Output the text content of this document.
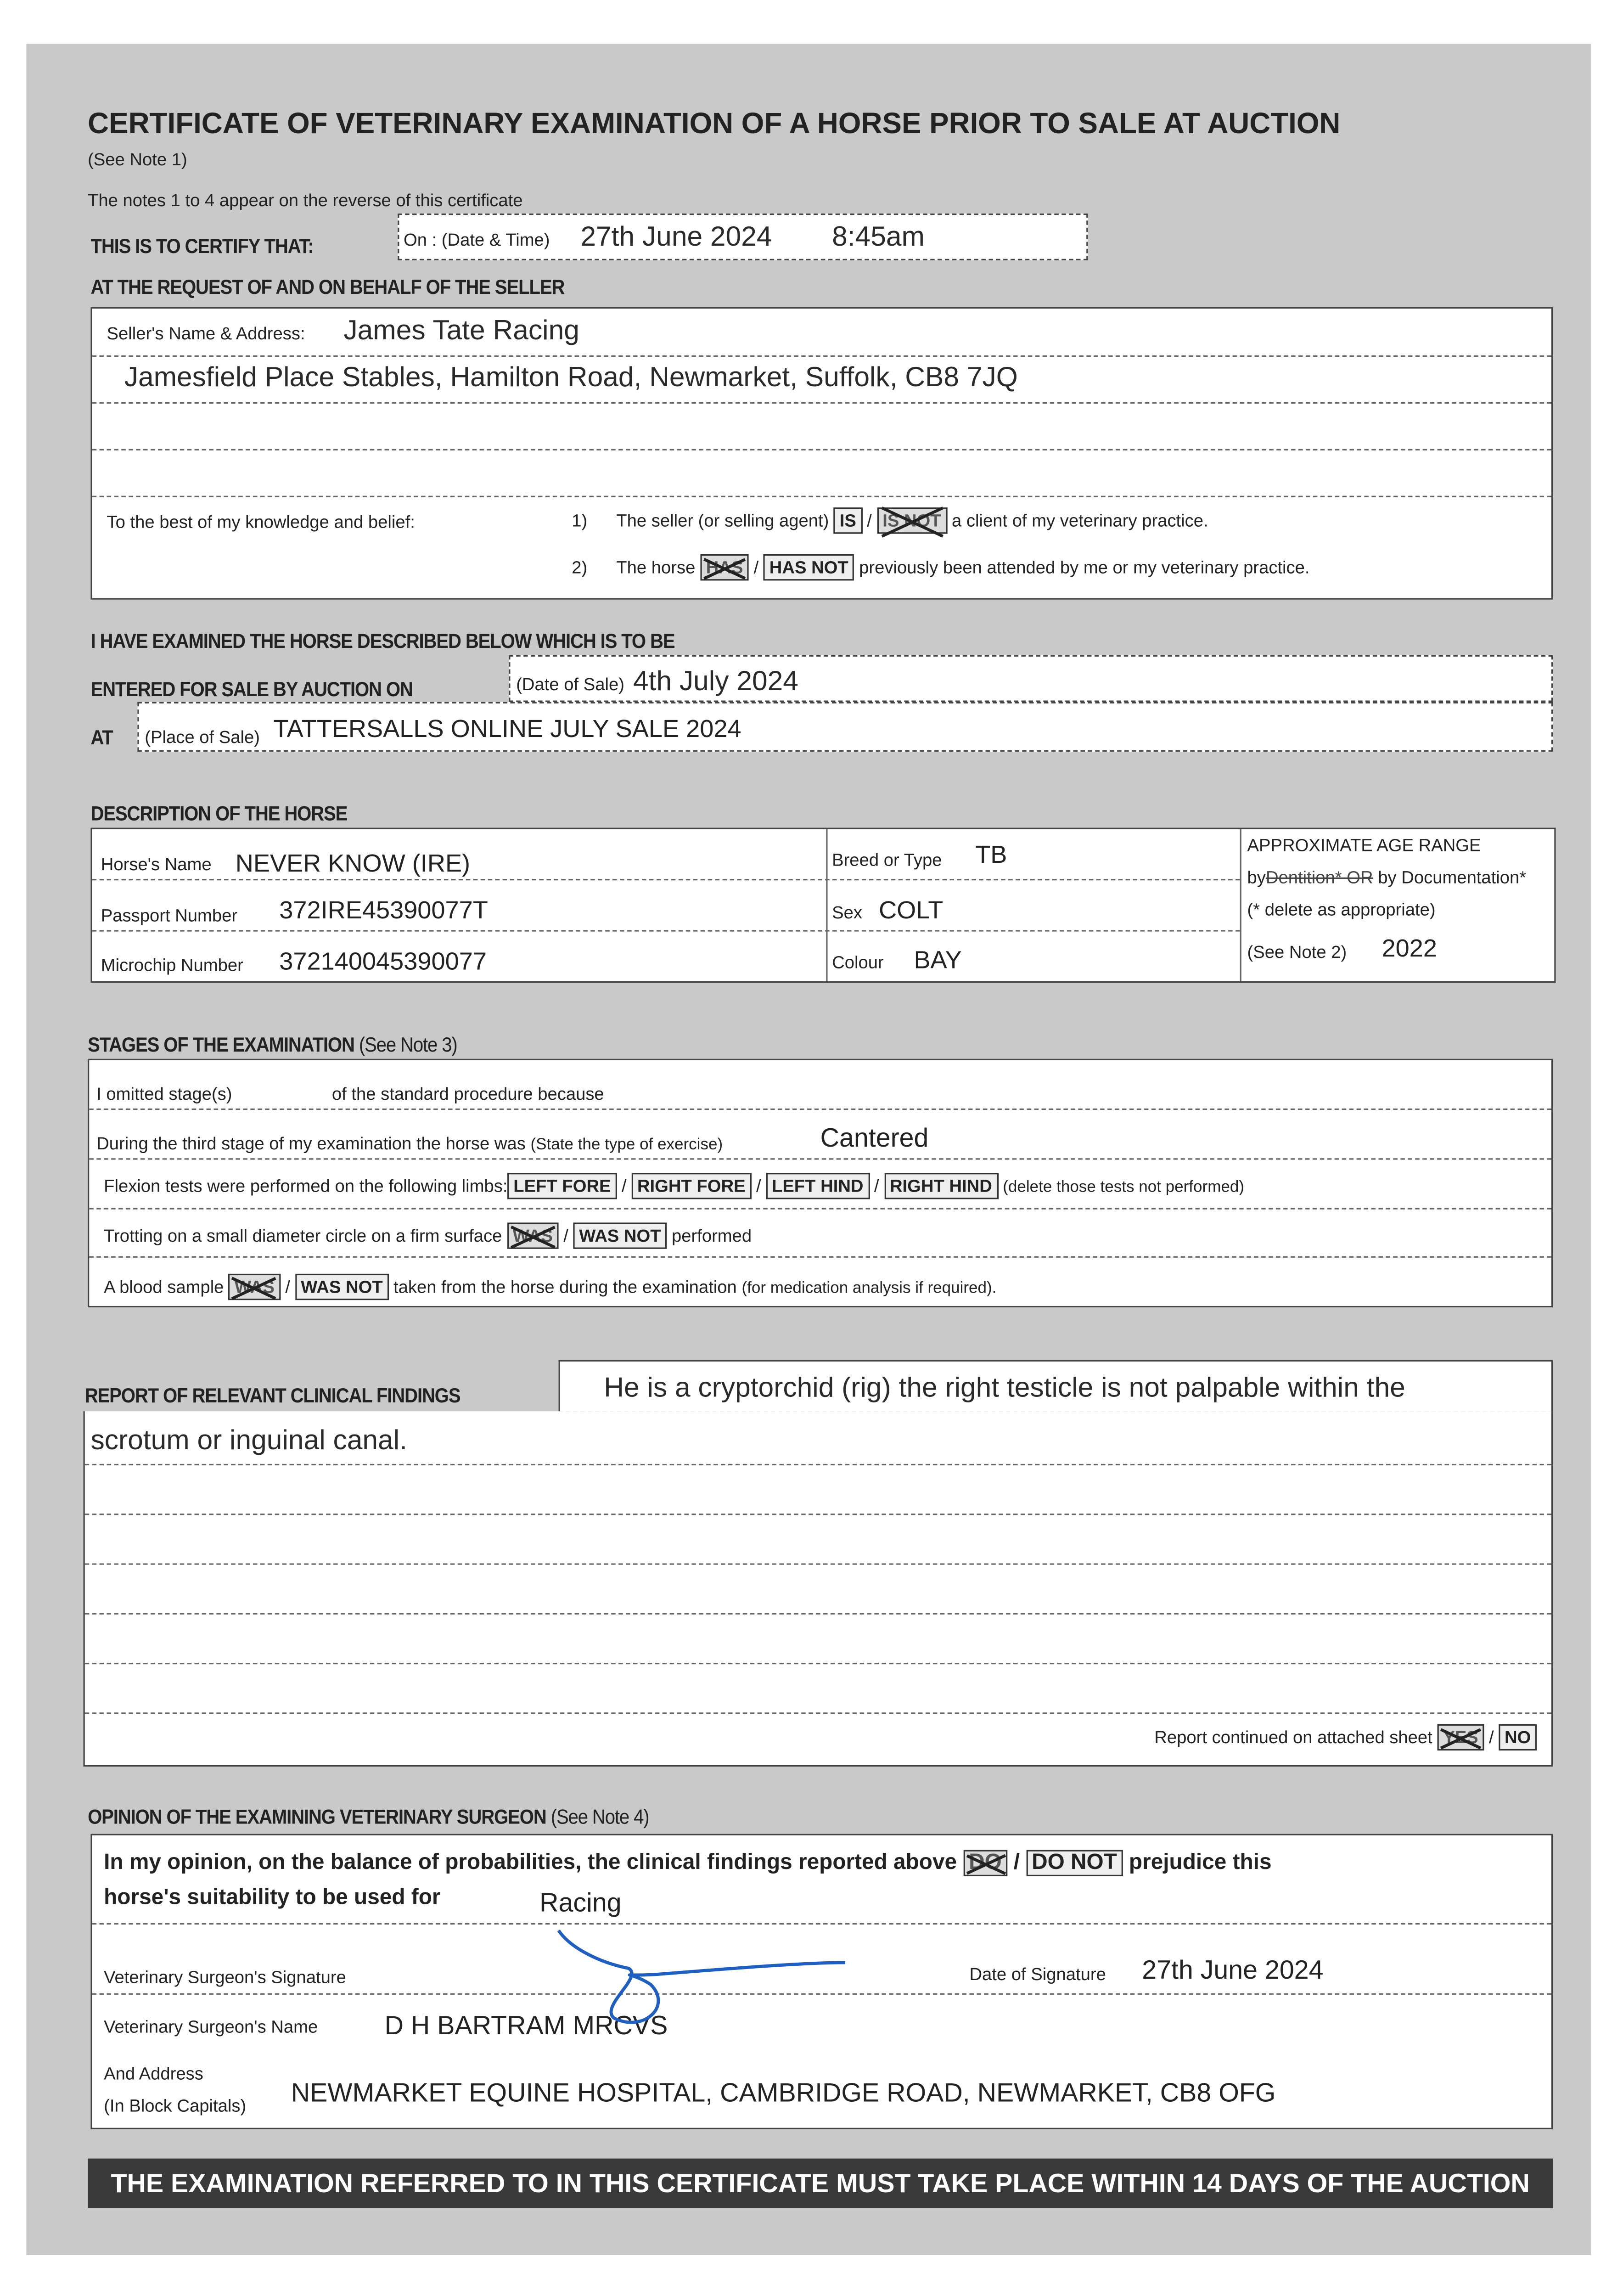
CERTIFICATE OF VETERINARY EXAMINATION OF A HORSE PRIOR TO SALE AT AUCTION
(See Note 1)
The notes 1 to 4 appear on the reverse of this certificate
THIS IS TO CERTIFY THAT:	On : (Date & Time)	27th June 2024	8:45am
AT THE REQUEST OF AND ON BEHALF OF THE SELLER
Seller's Name & Address:	James Tate Racing
Jamesfield Place Stables, Hamilton Road, Newmarket, Suffolk, CB8 7JQ
To the best of my knowledge and belief:	1)	The seller (or selling agent) IS / IS NOT a client of my veterinary practice.
2)	The horse HAS / HAS NOT previously been attended by me or my veterinary practice.
I HAVE EXAMINED THE HORSE DESCRIBED BELOW WHICH IS TO BE
ENTERED FOR SALE BY AUCTION ON	(Date of Sale) 4th July 2024
AT	(Place of Sale) TATTERSALLS ONLINE JULY SALE 2024
DESCRIPTION OF THE HORSE
Horse's Name	NEVER KNOW (IRE)
Passport Number	372IRE45390077T
Microchip Number	372140045390077
Breed or Type	TB
Sex COLT
Colour	BAY
APPROXIMATE AGE RANGE
byDentition* OR by Documentation*
(* delete as appropriate)
(See Note 2)	2022
STAGES OF THE EXAMINATION (See Note 3)
I omitted stage(s)	of the standard procedure because
During the third stage of my examination the horse was (State the type of exercise)	Cantered
Flexion tests were performed on the following limbs: LEFT FORE / RIGHT FORE / LEFT HIND / RIGHT HIND (delete those tests not performed)
Trotting on a small diameter circle on a firm surface WAS / WAS NOT performed
A blood sample WAS / WAS NOT taken from the horse during the examination (for medication analysis if required).
REPORT OF RELEVANT CLINICAL FINDINGS	He is a cryptorchid (rig) the right testicle is not palpable within the
scrotum or inguinal canal.
Report continued on attached sheet YES / NO
OPINION OF THE EXAMINING VETERINARY SURGEON (See Note 4)
In my opinion, on the balance of probabilities, the clinical findings reported above DO / DO NOT prejudice this
horse's suitability to be used for	Racing
Veterinary Surgeon's Signature	Date of Signature	27th June 2024
Veterinary Surgeon's Name	D H BARTRAM MRCVS
And Address
(In Block Capitals)	NEWMARKET EQUINE HOSPITAL, CAMBRIDGE ROAD, NEWMARKET, CB8 OFG
THE EXAMINATION REFERRED TO IN THIS CERTIFICATE MUST TAKE PLACE WITHIN 14 DAYS OF THE AUCTION
